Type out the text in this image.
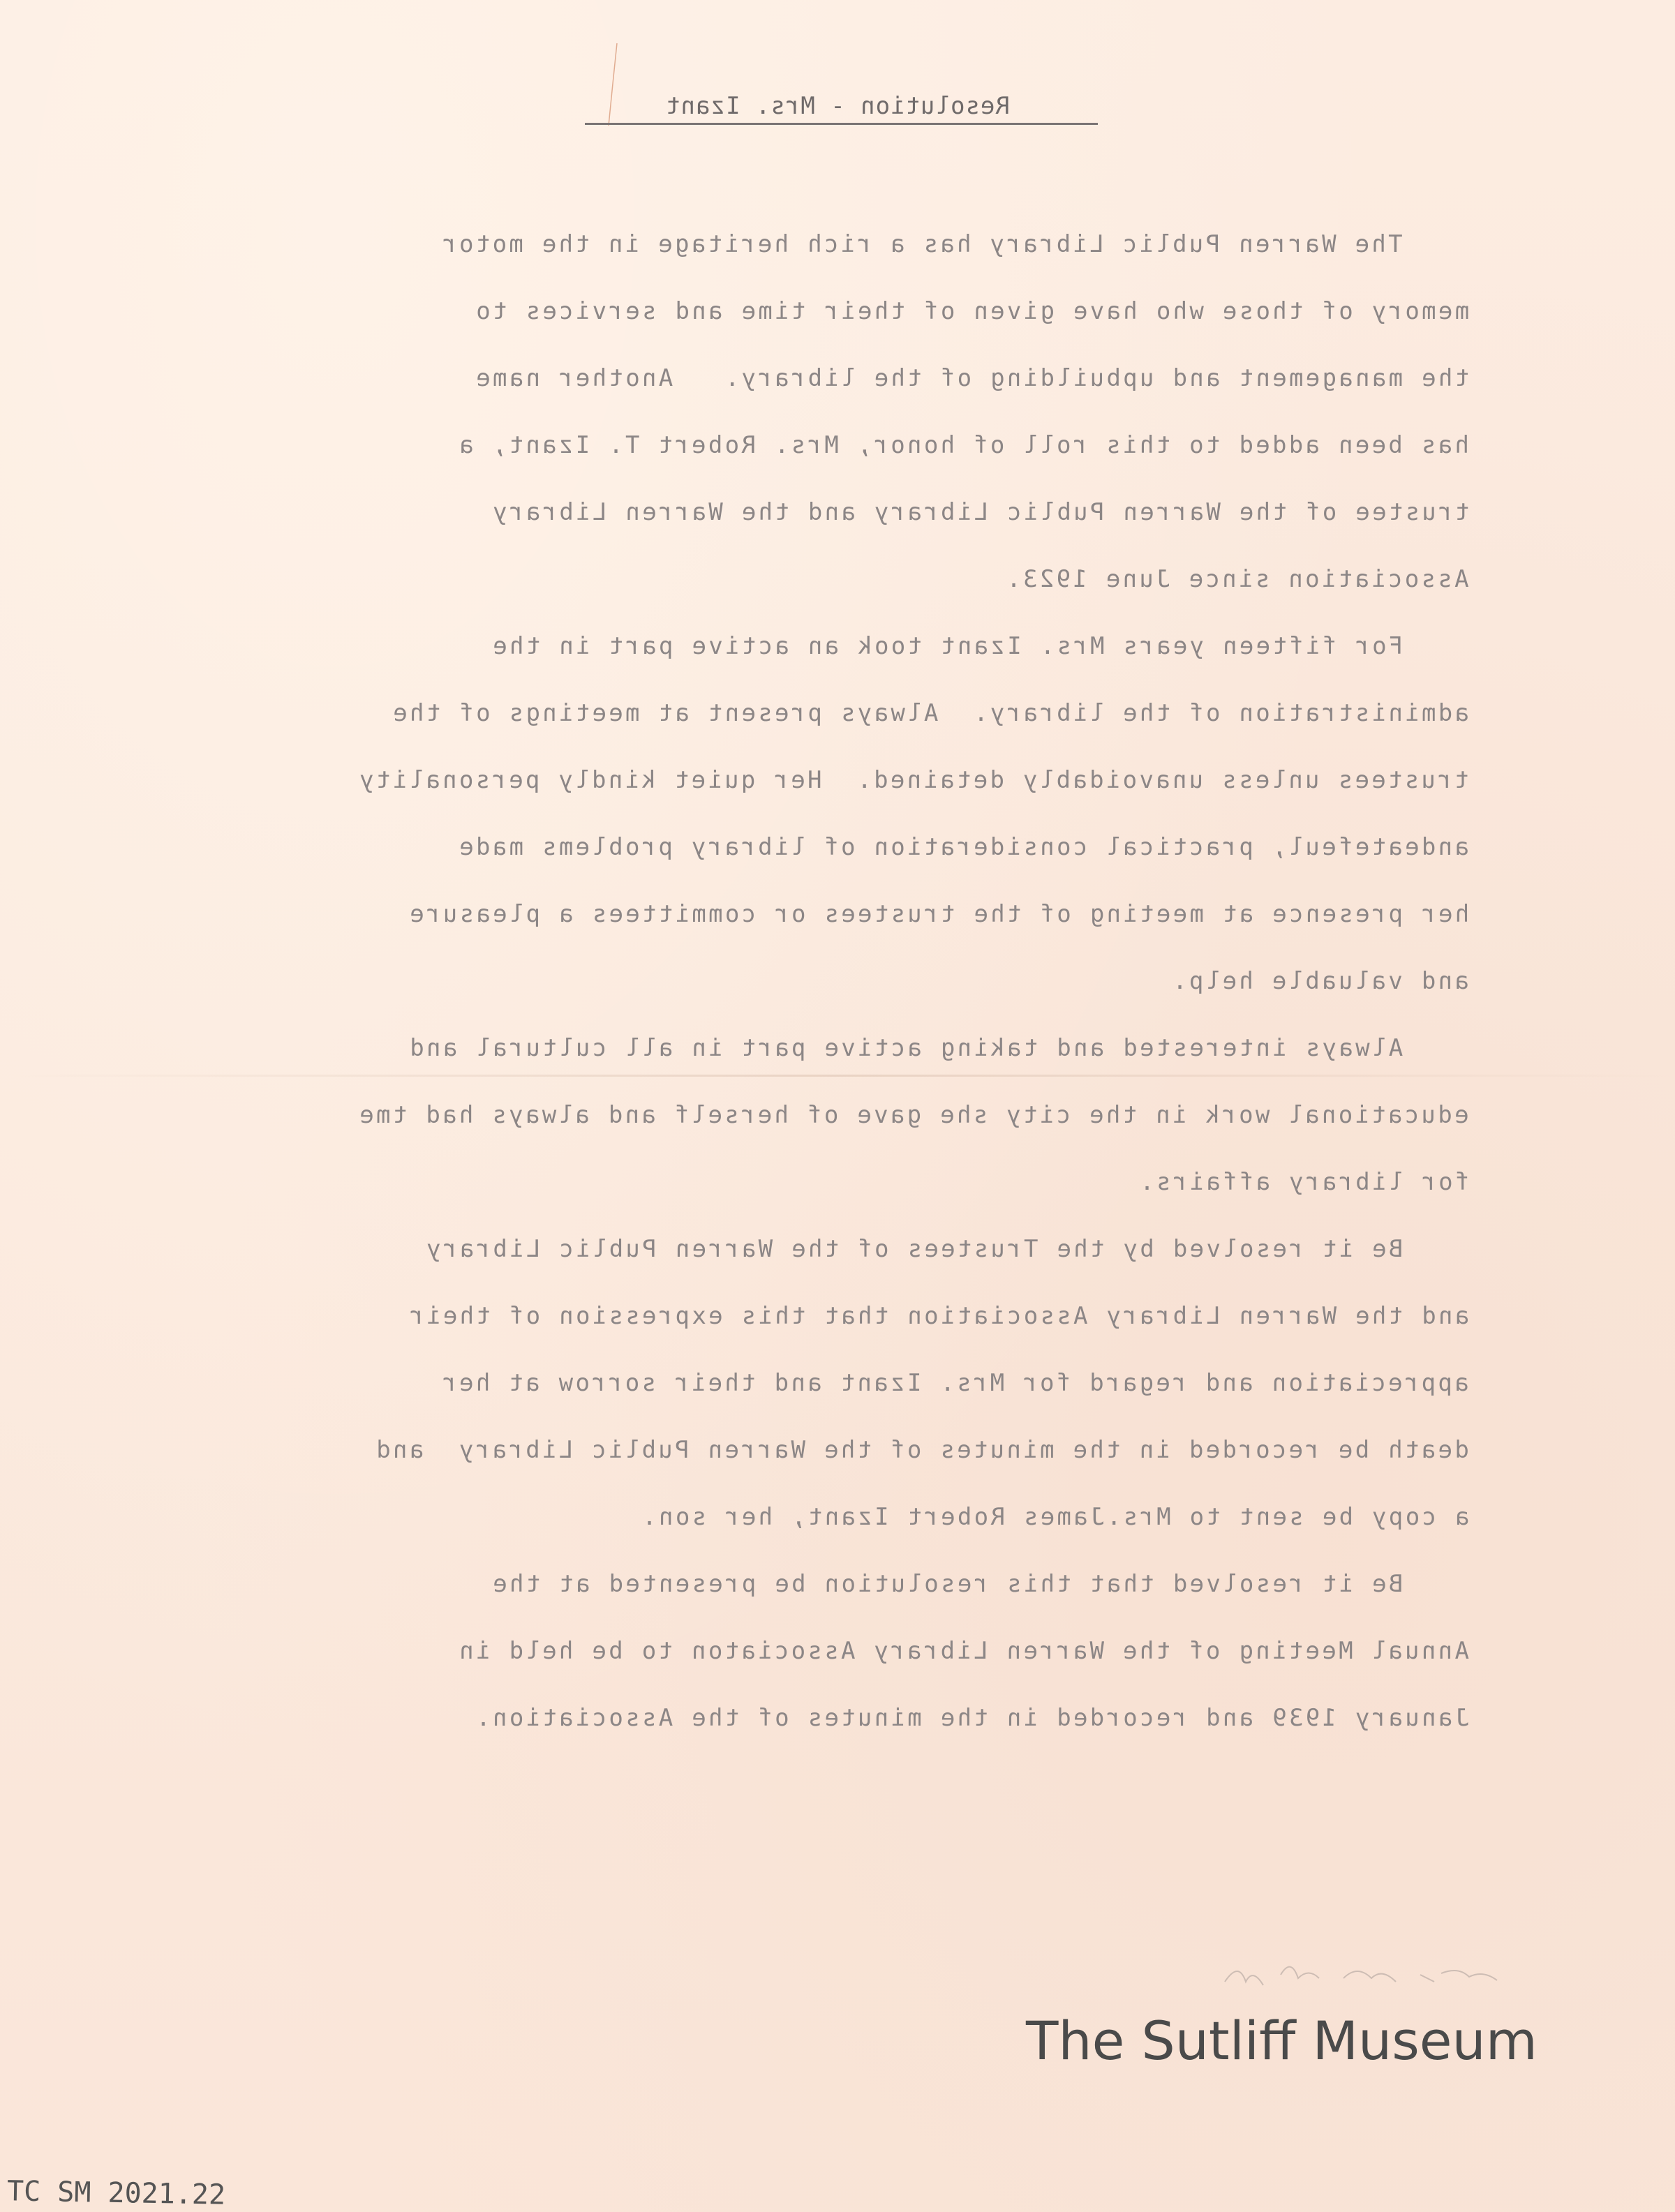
Resolution - Mrs. Izant
The Warren Public Library has a rich heritage in the motor
memory of those who have given of their time and services to
the management and upbuilding of the library.   Another name
has been added to this roll of honor, Mrs. Robert T. Izant, a
trustee of the Warren Public Library and the Warren Library
Association since June 1923.
For fifteen years Mrs. Izant took an active part in the
administration of the library.  Always present at meetings of the
trustees unless unavoidably detained.  Her quiet kindly personality
andeatefeul, practical consideration of library problems made
her presence at meeting of the trustees or committees a pleasure
and valuable help.
Always interested and taking active part in all cultural and
educational work in the city she gave of herself and always had tme
for library affairs.
Be it resolved by the Trustees of the Warren Public Library
and the Warren Library Association that this expression of their
appreciation and regard for Mrs. Izant and their sorrow at her
death be recorded in the minutes of the Warren Public Library  and
a copy be sent to Mrs.James Robert Izant, her son.
Be it resolved that this resolution be presented at the
Annual Meeting of the Warren Library Associaton to be held in
January 1939 and recorded in the minutes of the Association.
The Sutliff Museum
TC SM 2021.22
